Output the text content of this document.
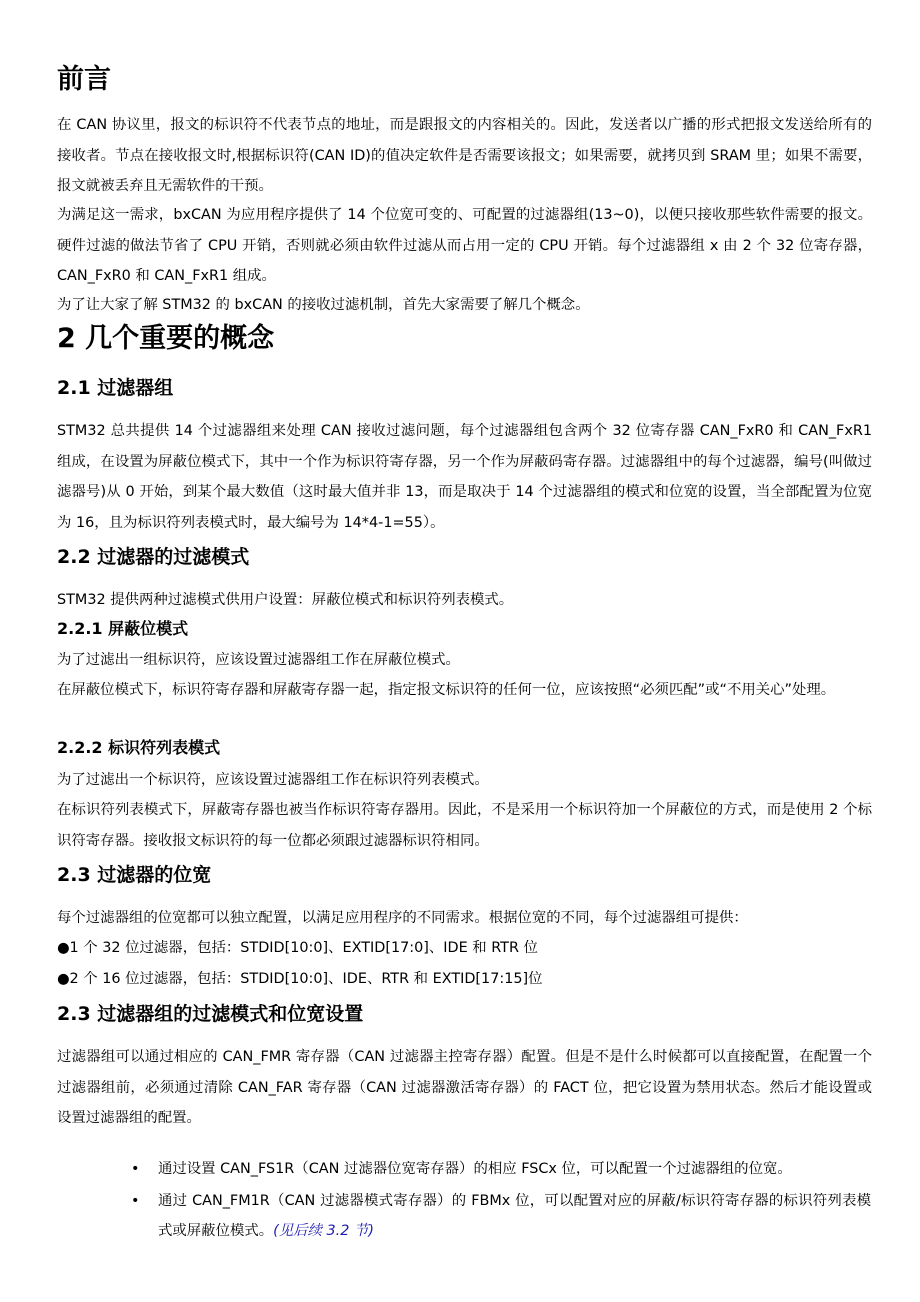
前言

在 CAN 协议里，报文的标识符不代表节点的地址，而是跟报文的内容相关的。因此，发送者以广播的形式把报文发送给所有的接收者。节点在接收报文时,根据标识符(CAN ID)的值决定软件是否需要该报文；如果需要，就拷贝到 SRAM 里；如果不需要，报文就被丢弃且无需软件的干预。

为满足这一需求，bxCAN 为应用程序提供了 14 个位宽可变的、可配置的过滤器组(13~0)，以便只接收那些软件需要的报文。硬件过滤的做法节省了 CPU 开销，否则就必须由软件过滤从而占用一定的 CPU 开销。每个过滤器组 x 由 2 个 32 位寄存器，CAN_FxR0 和 CAN_FxR1 组成。

为了让大家了解 STM32 的 bxCAN 的接收过滤机制，首先大家需要了解几个概念。

2 几个重要的概念
2.1 过滤器组

STM32 总共提供 14 个过滤器组来处理 CAN 接收过滤问题，每个过滤器组包含两个 32 位寄存器 CAN_FxR0 和 CAN_FxR1 组成，在设置为屏蔽位模式下，其中一个作为标识符寄存器，另一个作为屏蔽码寄存器。过滤器组中的每个过滤器，编号(叫做过滤器号)从 0 开始，到某个最大数值（这时最大值并非 13，而是取决于 14 个过滤器组的模式和位宽的设置，当全部配置为位宽为 16，且为标识符列表模式时，最大编号为 14*4-1=55）。

2.2 过滤器的过滤模式

STM32 提供两种过滤模式供用户设置：屏蔽位模式和标识符列表模式。

2.2.1 屏蔽位模式

为了过滤出一组标识符，应该设置过滤器组工作在屏蔽位模式。

在屏蔽位模式下，标识符寄存器和屏蔽寄存器一起，指定报文标识符的任何一位，应该按照“必须匹配”或“不用关心”处理。

2.2.2 标识符列表模式

为了过滤出一个标识符，应该设置过滤器组工作在标识符列表模式。

在标识符列表模式下，屏蔽寄存器也被当作标识符寄存器用。因此，不是采用一个标识符加一个屏蔽位的方式，而是使用 2 个标识符寄存器。接收报文标识符的每一位都必须跟过滤器标识符相同。

2.3 过滤器的位宽

每个过滤器组的位宽都可以独立配置，以满足应用程序的不同需求。根据位宽的不同，每个过滤器组可提供：

●1 个 32 位过滤器，包括：STDID[10:0]、EXTID[17:0]、IDE 和 RTR 位

●2 个 16 位过滤器，包括：STDID[10:0]、IDE、RTR 和 EXTID[17:15]位

2.3 过滤器组的过滤模式和位宽设置

过滤器组可以通过相应的 CAN_FMR 寄存器（CAN 过滤器主控寄存器）配置。但是不是什么时候都可以直接配置，在配置一个过滤器组前，必须通过清除 CAN_FAR 寄存器（CAN 过滤器激活寄存器）的 FACT 位，把它设置为禁用状态。然后才能设置或设置过滤器组的配置。

•	通过设置 CAN_FS1R（CAN 过滤器位宽寄存器）的相应 FSCx 位，可以配置一个过滤器组的位宽。
•	通过 CAN_FM1R（CAN 过滤器模式寄存器）的 FBMx 位，可以配置对应的屏蔽/标识符寄存器的标识符列表模式或屏蔽位模式。(见后续 3.2 节)
